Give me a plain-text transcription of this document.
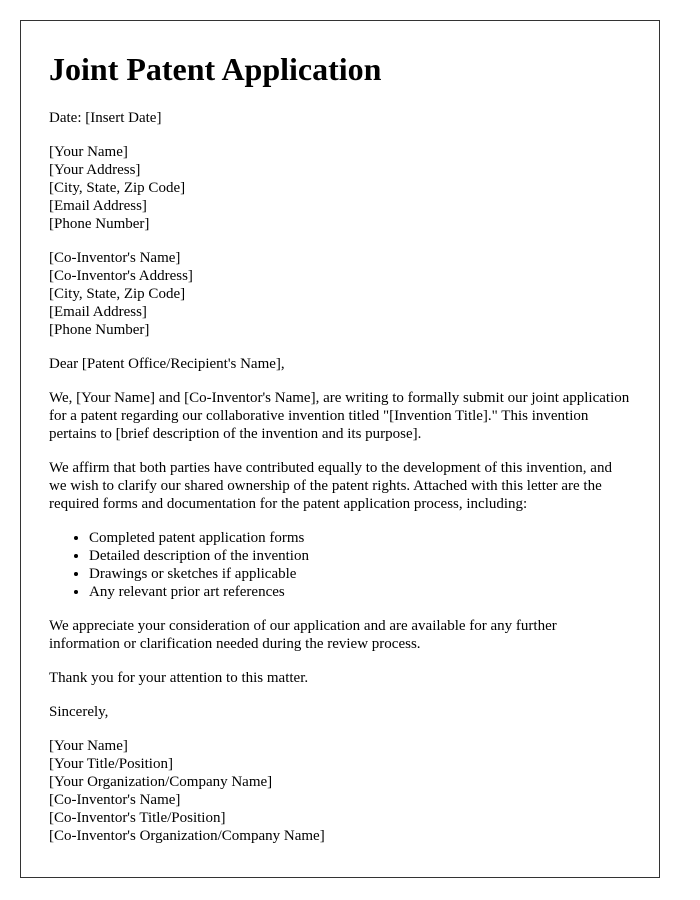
Joint Patent Application

Date: [Insert Date]

[Your Name]
[Your Address]
[City, State, Zip Code]
[Email Address]
[Phone Number]
[Co-Inventor's Name]
[Co-Inventor's Address]
[City, State, Zip Code]
[Email Address]
[Phone Number]

Dear [Patent Office/Recipient's Name],

We, [Your Name] and [Co-Inventor's Name], are writing to formally submit our joint application for a patent regarding our collaborative invention titled "[Invention Title]." This invention pertains to [brief description of the invention and its purpose].

We affirm that both parties have contributed equally to the development of this invention, and we wish to clarify our shared ownership of the patent rights. Attached with this letter are the required forms and documentation for the patent application process, including:

• Completed patent application forms
• Detailed description of the invention
• Drawings or sketches if applicable
• Any relevant prior art references

We appreciate your consideration of our application and are available for any further information or clarification needed during the review process.

Thank you for your attention to this matter.

Sincerely,

[Your Name]
[Your Title/Position]
[Your Organization/Company Name]
[Co-Inventor's Name]
[Co-Inventor's Title/Position]
[Co-Inventor's Organization/Company Name]
